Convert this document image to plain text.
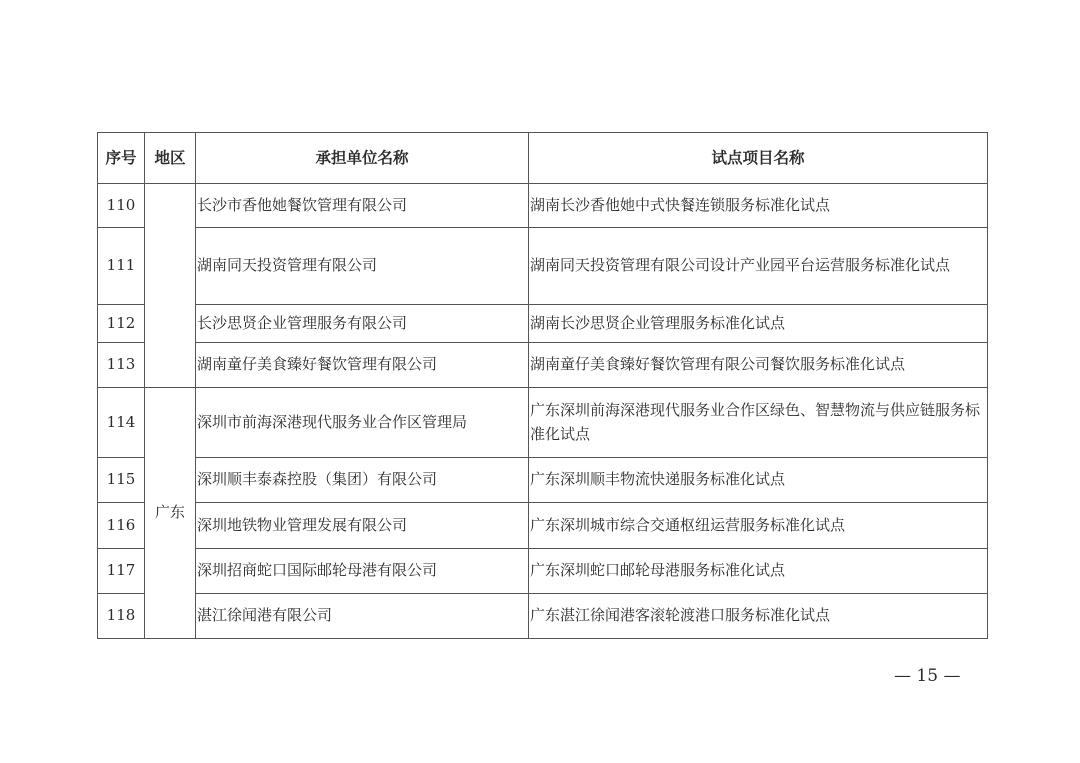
序号	地区	承担单位名称	试点项目名称
110		长沙市香他她餐饮管理有限公司	湖南长沙香他她中式快餐连锁服务标准化试点
111		湖南同天投资管理有限公司	湖南同天投资管理有限公司设计产业园平台运营服务标准化试点
112		长沙思贤企业管理服务有限公司	湖南长沙思贤企业管理服务标准化试点
113		湖南童仔美食臻好餐饮管理有限公司	湖南童仔美食臻好餐饮管理有限公司餐饮服务标准化试点
114	广东	深圳市前海深港现代服务业合作区管理局	广东深圳前海深港现代服务业合作区绿色、智慧物流与供应链服务标准化试点
115		深圳顺丰泰森控股（集团）有限公司	广东深圳顺丰物流快递服务标准化试点
116		深圳地铁物业管理发展有限公司	广东深圳城市综合交通枢纽运营服务标准化试点
117		深圳招商蛇口国际邮轮母港有限公司	广东深圳蛇口邮轮母港服务标准化试点
118		湛江徐闻港有限公司	广东湛江徐闻港客滚轮渡港口服务标准化试点
— 15 —
